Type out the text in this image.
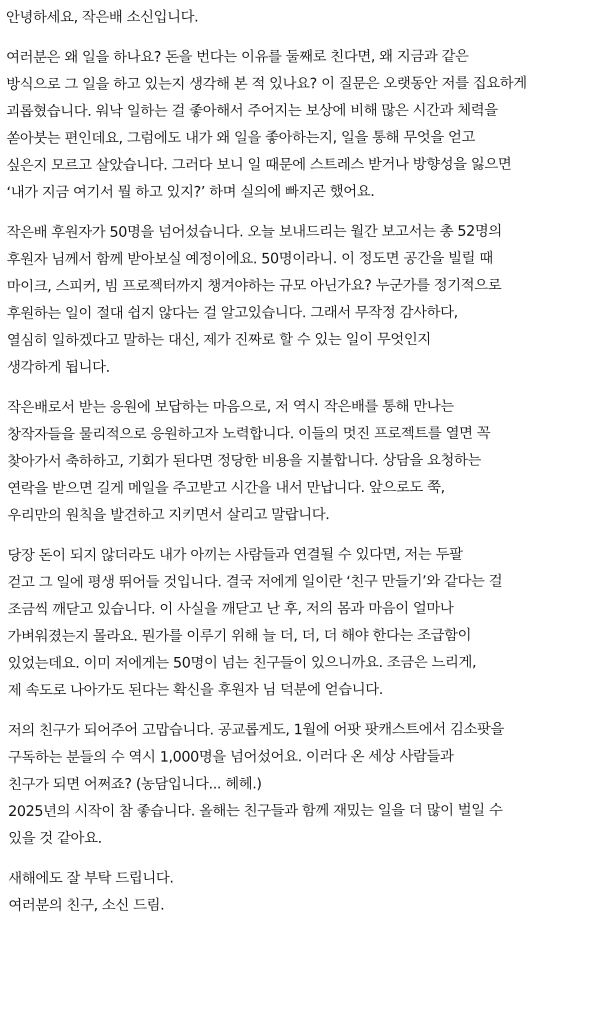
안녕하세요, 작은배 소신입니다.
여러분은 왜 일을 하나요? 돈을 번다는 이유를 둘째로 친다면, 왜 지금과 같은
방식으로 그 일을 하고 있는지 생각해 본 적 있나요? 이 질문은 오랫동안 저를 집요하게
괴롭혔습니다. 워낙 일하는 걸 좋아해서 주어지는 보상에 비해 많은 시간과 체력을
쏟아붓는 편인데요, 그럼에도 내가 왜 일을 좋아하는지, 일을 통해 무엇을 얻고
싶은지 모르고 살았습니다. 그러다 보니 일 때문에 스트레스 받거나 방향성을 잃으면
‘내가 지금 여기서 뭘 하고 있지?’ 하며 실의에 빠지곤 했어요.
작은배 후원자가 50명을 넘어섰습니다. 오늘 보내드리는 월간 보고서는 총 52명의
후원자 님께서 함께 받아보실 예정이에요. 50명이라니. 이 정도면 공간을 빌릴 때
마이크, 스피커, 빔 프로젝터까지 챙겨야하는 규모 아닌가요? 누군가를 정기적으로
후원하는 일이 절대 쉽지 않다는 걸 알고있습니다. 그래서 무작정 감사하다,
열심히 일하겠다고 말하는 대신, 제가 진짜로 할 수 있는 일이 무엇인지
생각하게 됩니다.
작은배로서 받는 응원에 보답하는 마음으로, 저 역시 작은배를 통해 만나는
창작자들을 물리적으로 응원하고자 노력합니다. 이들의 멋진 프로젝트를 열면 꼭
찾아가서 축하하고, 기회가 된다면 정당한 비용을 지불합니다. 상담을 요청하는
연락을 받으면 길게 메일을 주고받고 시간을 내서 만납니다. 앞으로도 쭉,
우리만의 원칙을 발견하고 지키면서 살리고 말랍니다.
당장 돈이 되지 않더라도 내가 아끼는 사람들과 연결될 수 있다면, 저는 두팔
걷고 그 일에 평생 뛰어들 것입니다. 결국 저에게 일이란 ‘친구 만들기’와 같다는 걸
조금씩 깨닫고 있습니다. 이 사실을 깨닫고 난 후, 저의 몸과 마음이 얼마나
가벼워졌는지 몰라요. 뭔가를 이루기 위해 늘 더, 더, 더 해야 한다는 조급함이
있었는데요. 이미 저에게는 50명이 넘는 친구들이 있으니까요. 조금은 느리게,
제 속도로 나아가도 된다는 확신을 후원자 님 덕분에 얻습니다.
저의 친구가 되어주어 고맙습니다. 공교롭게도, 1월에 어팟 팟캐스트에서 김소팟을
구독하는 분들의 수 역시 1,000명을 넘어섰어요. 이러다 온 세상 사람들과
친구가 되면 어쩌죠? (농담입니다... 헤헤.)
2025년의 시작이 참 좋습니다. 올해는 친구들과 함께 재밌는 일을 더 많이 벌일 수
있을 것 같아요.
새해에도 잘 부탁 드립니다.
여러분의 친구, 소신 드림.
